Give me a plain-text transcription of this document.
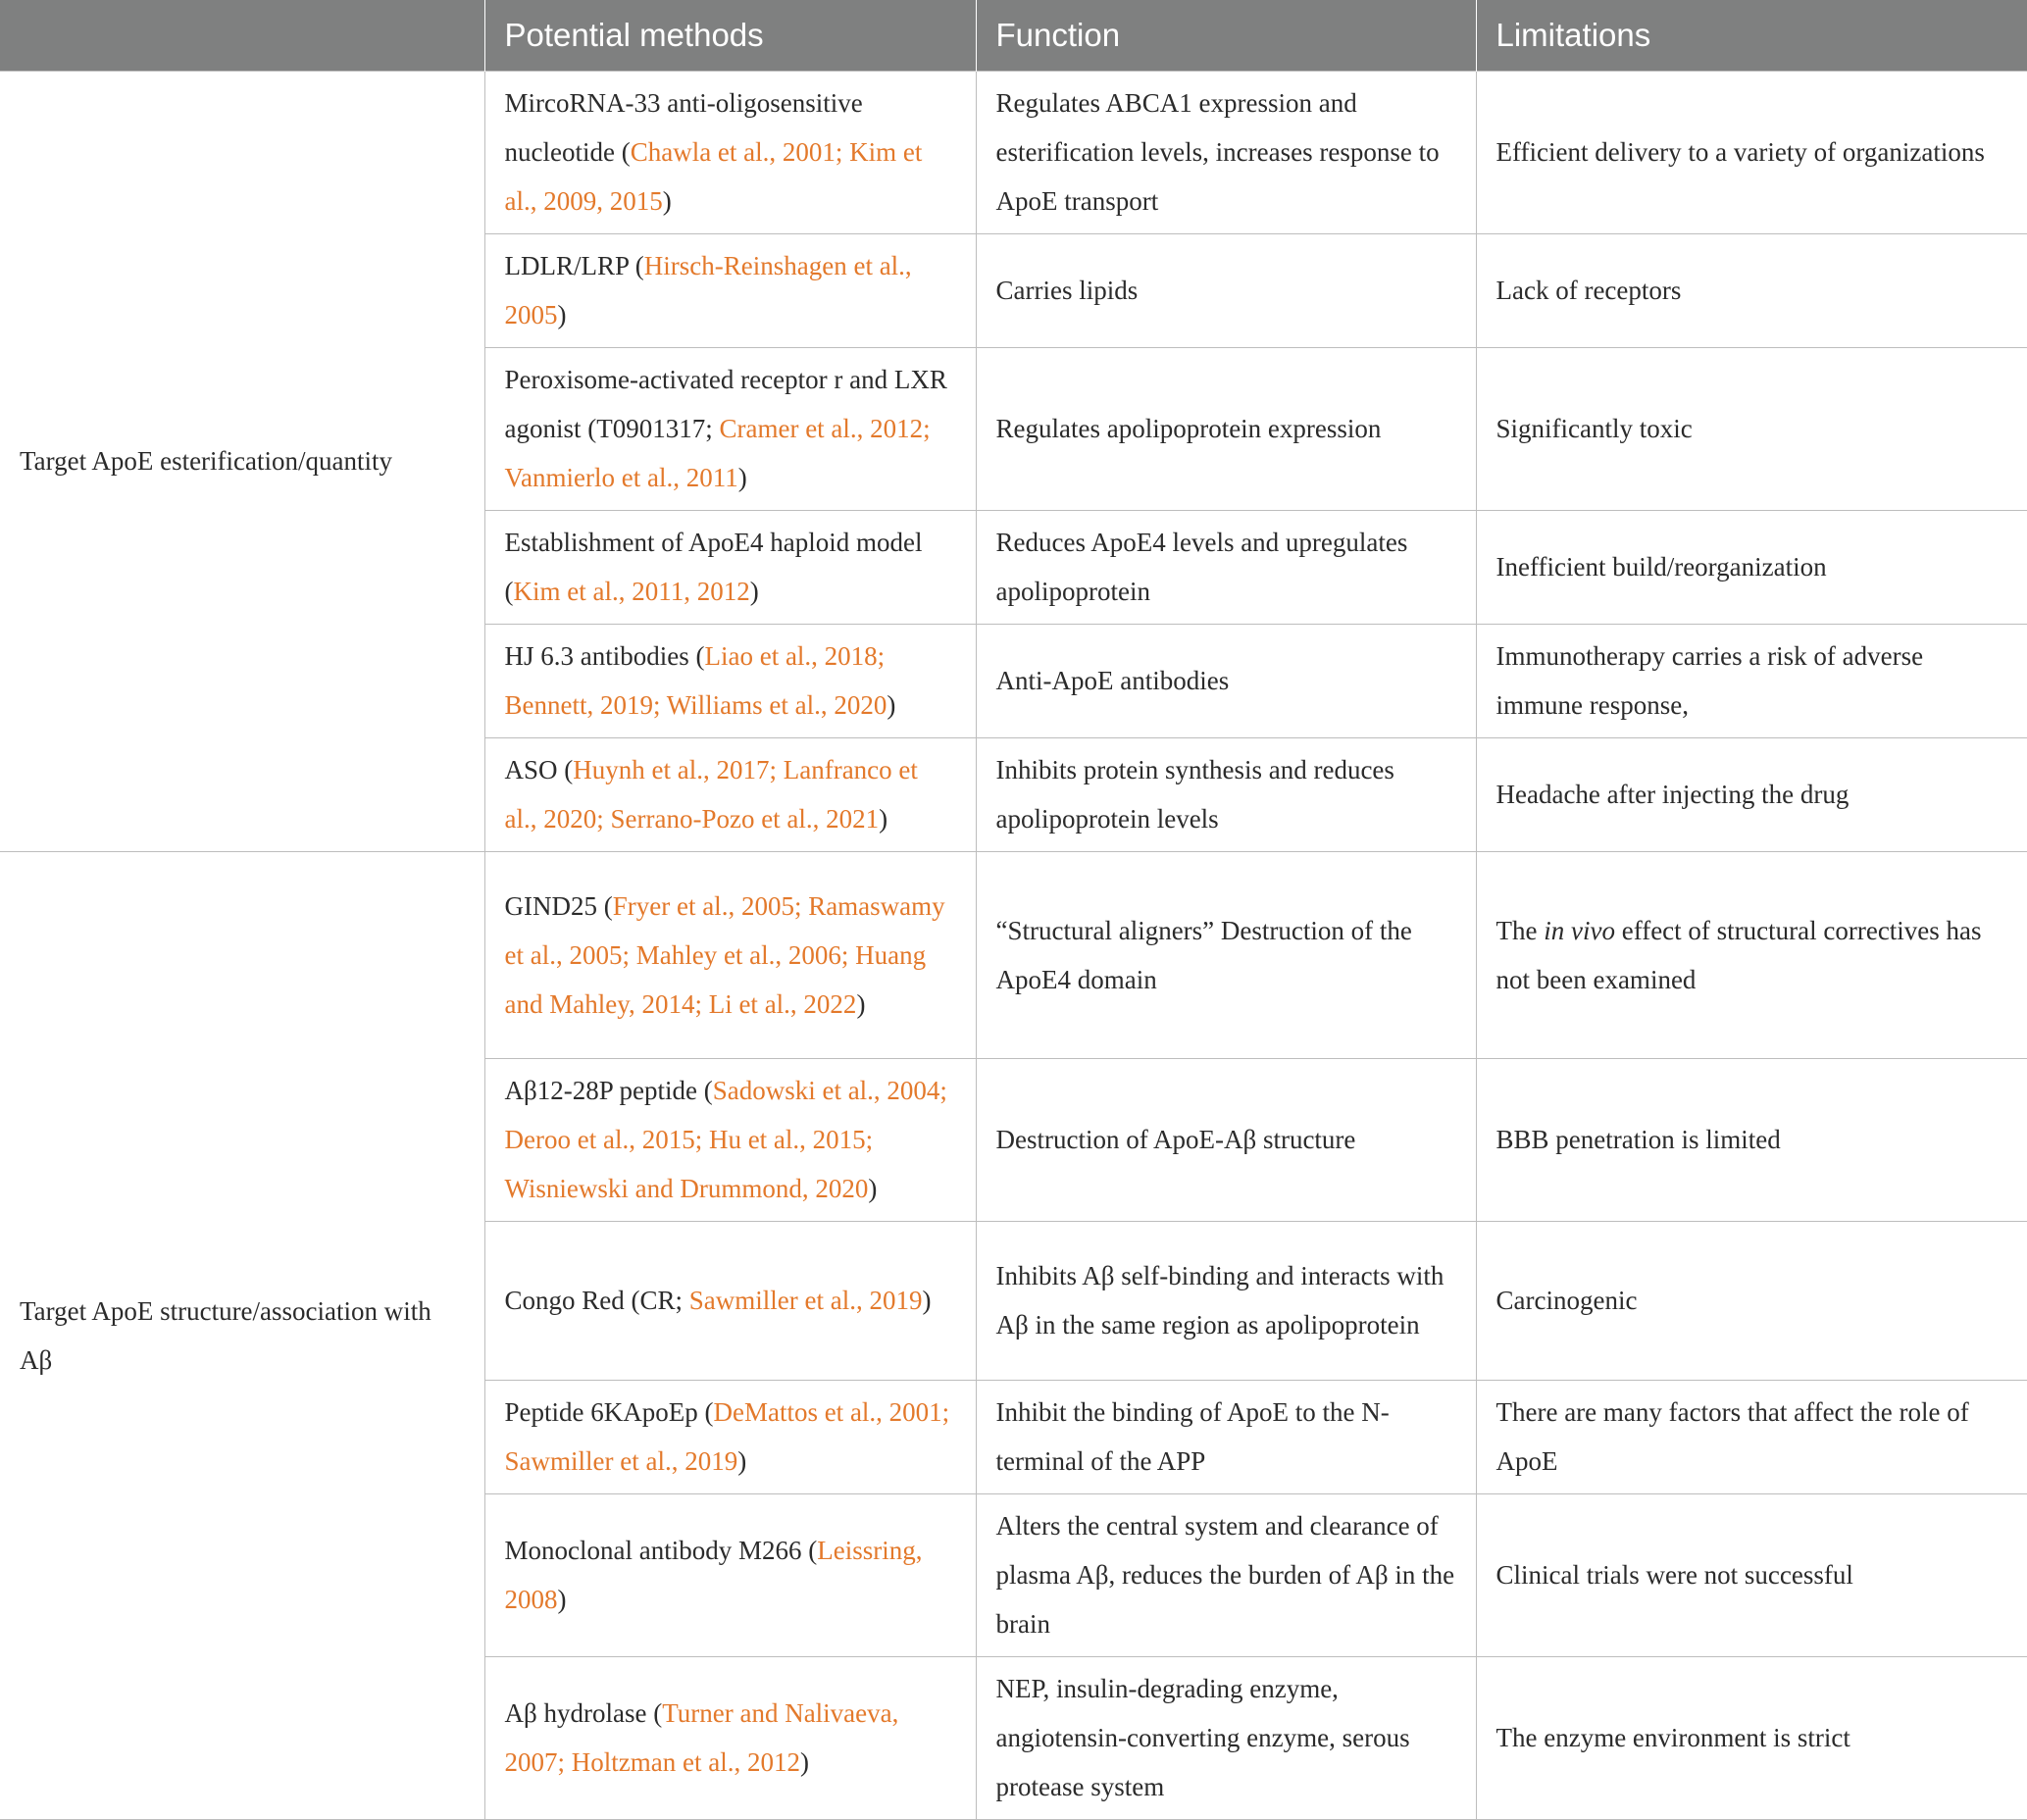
	Potential methods	Function	Limitations
Target ApoE esterification/quantity	MircoRNA-33 anti-oligosensitive nucleotide (Chawla et al., 2001; Kim et al., 2009, 2015)	Regulates ABCA1 expression and esterification levels, increases response to ApoE transport	Efficient delivery to a variety of organizations
	LDLR/LRP (Hirsch-Reinshagen et al., 2005)	Carries lipids	Lack of receptors
	Peroxisome-activated receptor r and LXR agonist (T0901317; Cramer et al., 2012; Vanmierlo et al., 2011)	Regulates apolipoprotein expression	Significantly toxic
	Establishment of ApoE4 haploid model (Kim et al., 2011, 2012)	Reduces ApoE4 levels and upregulates apolipoprotein	Inefficient build/reorganization
	HJ 6.3 antibodies (Liao et al., 2018; Bennett, 2019; Williams et al., 2020)	Anti-ApoE antibodies	Immunotherapy carries a risk of adverse immune response,
	ASO (Huynh et al., 2017; Lanfranco et al., 2020; Serrano-Pozo et al., 2021)	Inhibits protein synthesis and reduces apolipoprotein levels	Headache after injecting the drug
Target ApoE structure/association with Aβ	GIND25 (Fryer et al., 2005; Ramaswamy et al., 2005; Mahley et al., 2006; Huang and Mahley, 2014; Li et al., 2022)	“Structural aligners” Destruction of the ApoE4 domain	The in vivo effect of structural correctives has not been examined
	Aβ12-28P peptide (Sadowski et al., 2004; Deroo et al., 2015; Hu et al., 2015; Wisniewski and Drummond, 2020)	Destruction of ApoE-Aβ structure	BBB penetration is limited
	Congo Red (CR; Sawmiller et al., 2019)	Inhibits Aβ self-binding and interacts with Aβ in the same region as apolipoprotein	Carcinogenic
	Peptide 6KApoEp (DeMattos et al., 2001; Sawmiller et al., 2019)	Inhibit the binding of ApoE to the N-terminal of the APP	There are many factors that affect the role of ApoE
	Monoclonal antibody M266 (Leissring, 2008)	Alters the central system and clearance of plasma Aβ, reduces the burden of Aβ in the brain	Clinical trials were not successful
	Aβ hydrolase (Turner and Nalivaeva, 2007; Holtzman et al., 2012)	NEP, insulin-degrading enzyme, angiotensin-converting enzyme, serous protease system	The enzyme environment is strict
